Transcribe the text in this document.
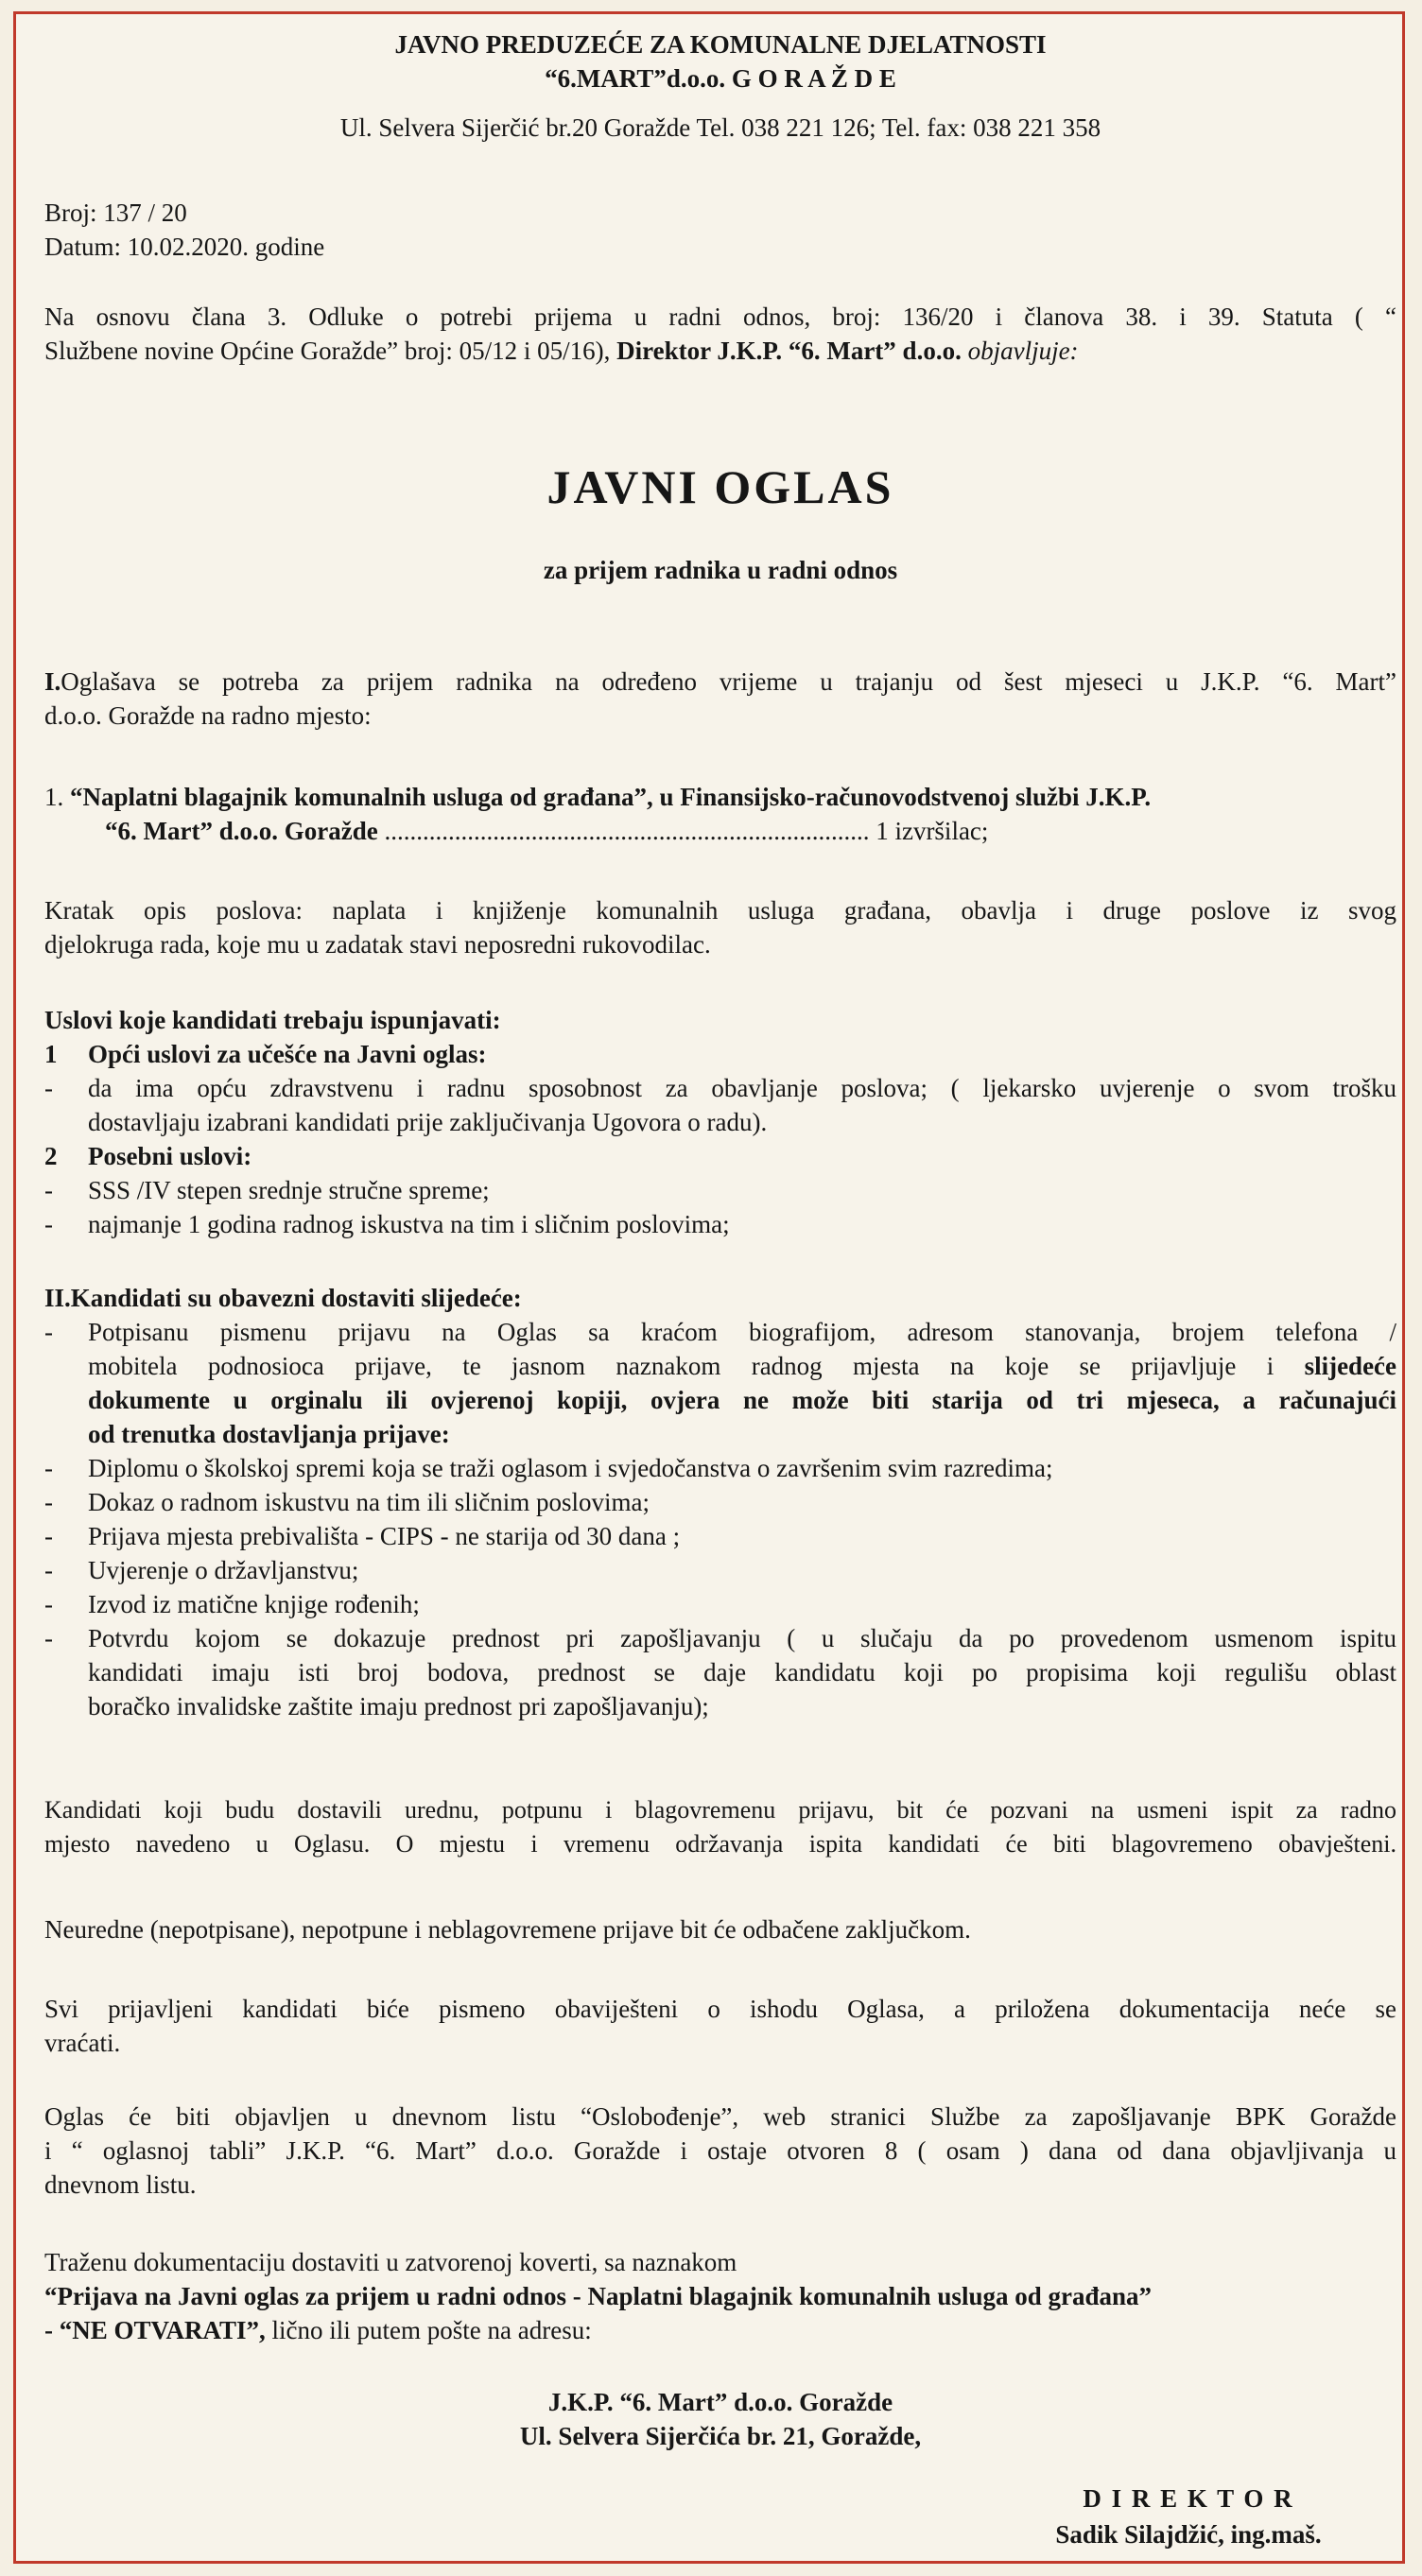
JAVNO PREDUZEĆE ZA KOMUNALNE DJELATNOSTI
“6.MART”d.o.o. G O R A Ž D E
Ul. Selvera Sijerčić br.20 Goražde Tel. 038 221 126; Tel. fax: 038 221 358
Broj: 137 / 20
Datum: 10.02.2020. godine
Na osnovu člana 3. Odluke o potrebi prijema u radni odnos, broj: 136/20 i članova 38. i 39. Statuta ( “
Službene novine Općine Goražde” broj: 05/12 i 05/16), Direktor J.K.P. “6. Mart” d.o.o. objavljuje:
JAVNI OGLAS
za prijem radnika u radni odnos
I.Oglašava se potreba za prijem radnika na određeno vrijeme u trajanju od šest mjeseci u J.K.P. “6. Mart”
d.o.o. Goražde na radno mjesto:
1. “Naplatni blagajnik komunalnih usluga od građana”, u Finansijsko-računovodstvenoj službi J.K.P.
“6. Mart” d.o.o. Goražde ............................................................................ 1 izvršilac;
Kratak opis poslova: naplata i knjiženje komunalnih usluga građana, obavlja i druge poslove iz svog
djelokruga rada, koje mu u zadatak stavi neposredni rukovodilac.
Uslovi koje kandidati trebaju ispunjavati:
1 Opći uslovi za učešće na Javni oglas:
- da ima opću zdravstvenu i radnu sposobnost za obavljanje poslova; ( ljekarsko uvjerenje o svom trošku
dostavljaju izabrani kandidati prije zaključivanja Ugovora o radu).
2 Posebni uslovi:
- SSS /IV stepen srednje stručne spreme;
- najmanje 1 godina radnog iskustva na tim i sličnim poslovima;
II.Kandidati su obavezni dostaviti slijedeće:
- Potpisanu pismenu prijavu na Oglas sa kraćom biografijom, adresom stanovanja, brojem telefona /
mobitela podnosioca prijave, te jasnom naznakom radnog mjesta na koje se prijavljuje i slijedeće
dokumente u orginalu ili ovjerenoj kopiji, ovjera ne može biti starija od tri mjeseca, a računajući
od trenutka dostavljanja prijave:
- Diplomu o školskoj spremi koja se traži oglasom i svjedočanstva o završenim svim razredima;
- Dokaz o radnom iskustvu na tim ili sličnim poslovima;
- Prijava mjesta prebivališta - CIPS - ne starija od 30 dana ;
- Uvjerenje o državljanstvu;
- Izvod iz matične knjige rođenih;
- Potvrdu kojom se dokazuje prednost pri zapošljavanju ( u slučaju da po provedenom usmenom ispitu
kandidati imaju isti broj bodova, prednost se daje kandidatu koji po propisima koji regulišu oblast
boračko invalidske zaštite imaju prednost pri zapošljavanju);
Kandidati koji budu dostavili urednu, potpunu i blagovremenu prijavu, bit će pozvani na usmeni ispit za radno
mjesto navedeno u Oglasu. O mjestu i vremenu održavanja ispita kandidati će biti blagovremeno obavješteni.
Neuredne (nepotpisane), nepotpune i neblagovremene prijave bit će odbačene zaključkom.
Svi prijavljeni kandidati biće pismeno obaviješteni o ishodu Oglasa, a priložena dokumentacija neće se
vraćati.
Oglas će biti objavljen u dnevnom listu “Oslobođenje”, web stranici Službe za zapošljavanje BPK Goražde
i “ oglasnoj tabli” J.K.P. “6. Mart” d.o.o. Goražde i ostaje otvoren 8 ( osam ) dana od dana objavljivanja u
dnevnom listu.
Traženu dokumentaciju dostaviti u zatvorenoj koverti, sa naznakom
“Prijava na Javni oglas za prijem u radni odnos - Naplatni blagajnik komunalnih usluga od građana”
- “NE OTVARATI”, lično ili putem pošte na adresu:
J.K.P. “6. Mart” d.o.o. Goražde
Ul. Selvera Sijerčića br. 21, Goražde,
D I R E K T O R
Sadik Silajdžić, ing.maš.
